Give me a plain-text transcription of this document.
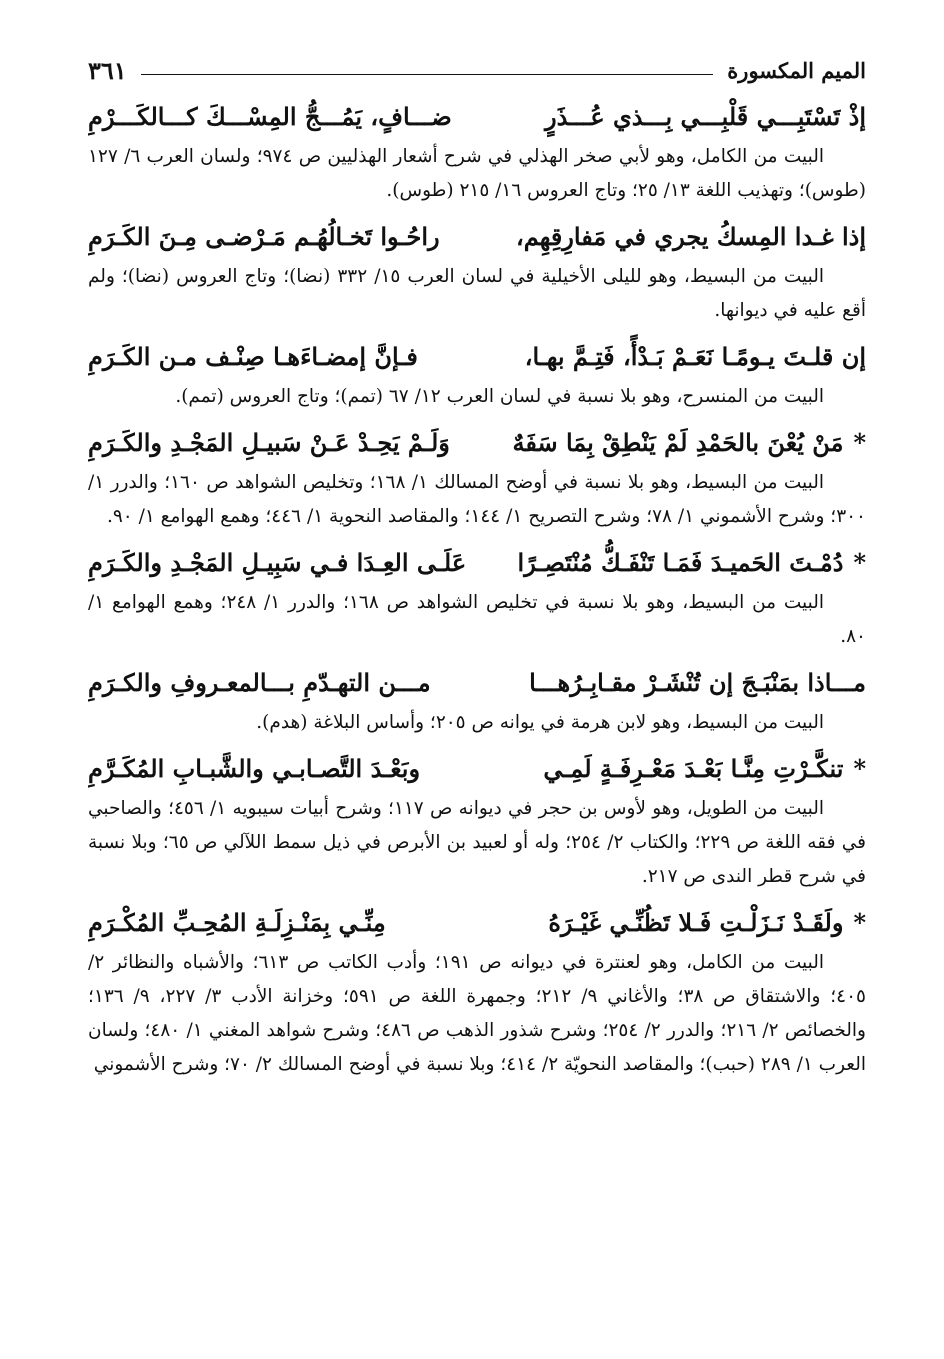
الميم المكسورة
٣٦١
إذْ تَسْتَبِـــي قَلْبِـــي بِـــذي عُـــذَرٍ
ضـــافٍ، يَمُـــجُّ المِسْـــكَ كـــالكَـــرْمِ

البيت من الكامل، وهو لأبي صخر الهذلي في شرح أشعار الهذليين ص ٩٧٤؛ ولسان العرب ٦/ ١٢٧ (طوس)؛ وتهذيب اللغة ١٣/ ٢٥؛ وتاج العروس ١٦/ ٢١٥ (طوس).

إذا غـدا المِسكُ يجري في مَفارِقِهِم،
راحُـوا تَخـالُهُـم مَـرْضـى مِـنَ الكَـرَمِ

البيت من البسيط، وهو لليلى الأخيلية في لسان العرب ١٥/ ٣٣٢ (نضا)؛ وتاج العروس (نضا)؛ ولم أقع عليه في ديوانها.

إن قلـتَ يـومًـا نَعَـمْ بَـدْأً، فَتِـمَّ بهـا،
فـإنَّ إمضـاءَهـا صِنْـف مـن الكَـرَمِ

البيت من المنسرح، وهو بلا نسبة في لسان العرب ١٢/ ٦٧ (تمم)؛ وتاج العروس (تمم).

*
مَنْ يُعْنَ بالحَمْدِ لَمْ يَنْطِقْ بِمَا سَفَهٌ
وَلَـمْ يَحِـدْ عَـنْ سَبيـلِ المَجْـدِ والكَـرَمِ

البيت من البسيط، وهو بلا نسبة في أوضح المسالك ١/ ١٦٨؛ وتخليص الشواهد ص ١٦٠؛ والدرر ١/ ٣٠٠؛ وشرح الأشموني ١/ ٧٨؛ وشرح التصريح ١/ ١٤٤؛ والمقاصد النحوية ١/ ٤٤٦؛ وهمع الهوامع ١/ ٩٠.

*
دُمْـتَ الحَميـدَ فَمَـا تَنْفَـكُّ مُنْتَصِـرًا
عَلَـى العِـدَا فـي سَبِيـلِ المَجْـدِ والكَـرَمِ

البيت من البسيط، وهو بلا نسبة في تخليص الشواهد ص ١٦٨؛ والدرر ١/ ٢٤٨؛ وهمع الهوامع ١/ ٨٠.

مـــاذا بمَنْبَـجَ إن تُنْشَـرْ مقـابِـرُهـــا
مـــن التهـدّمِ بـــالمعـروفِ والكـرَمِ

البيت من البسيط، وهو لابن هرمة في يوانه ص ٢٠٥؛ وأساس البلاغة (هدم).

*
تنكَّـرْتِ مِنَّـا بَعْـدَ مَعْـرِفَـةٍ لَمِـي
وبَعْـدَ التَّصـابـي والشَّبـابِ المُكَـرَّمِ

البيت من الطويل، وهو لأوس بن حجر في ديوانه ص ١١٧؛ وشرح أبيات سيبويه ١/ ٤٥٦؛ والصاحبي في فقه اللغة ص ٢٢٩؛ والكتاب ٢/ ٢٥٤؛ وله أو لعبيد بن الأبرص في ذيل سمط اللآلي ص ٦٥؛ وبلا نسبة في شرح قطر الندى ص ٢١٧.

*
ولَقَـدْ نَـزَلْـتِ فَـلا تَظُنِّـي غَيْـرَهُ
مِنِّـي بِمَنْـزِلَـةِ المُحِـبِّ المُكْـرَمِ

البيت من الكامل، وهو لعنترة في ديوانه ص ١٩١؛ وأدب الكاتب ص ٦١٣؛ والأشباه والنظائر ٢/ ٤٠٥؛ والاشتقاق ص ٣٨؛ والأغاني ٩/ ٢١٢؛ وجمهرة اللغة ص ٥٩١؛ وخزانة الأدب ٣/ ٢٢٧، ٩/ ١٣٦؛ والخصائص ٢/ ٢١٦؛ والدرر ٢/ ٢٥٤؛ وشرح شذور الذهب ص ٤٨٦؛ وشرح شواهد المغني ١/ ٤٨٠؛ ولسان العرب ١/ ٢٨٩ (حبب)؛ والمقاصد النحويّة ٢/ ٤١٤؛ وبلا نسبة في أوضح المسالك ٢/ ٧٠؛ وشرح الأشموني
